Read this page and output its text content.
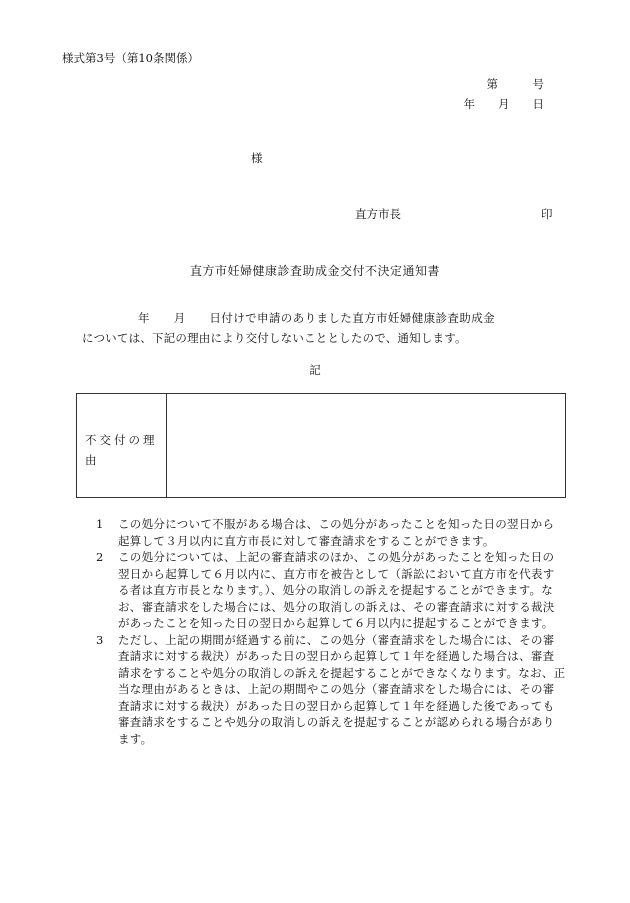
様式第3号（第10条関係）
第　　　号
年　　月　　日
様
直方市長	印
直方市妊婦健康診査助成金交付不決定通知書
年　　月　　日付けで申請のありました直方市妊婦健康診査助成金
については、下記の理由により交付しないこととしたので、通知します。
記
不交付の理由
1	この処分について不服がある場合は、この処分があったことを知った日の翌日から起算して３月以内に直方市長に対して審査請求をすることができます。
2	この処分については、上記の審査請求のほか、この処分があったことを知った日の翌日から起算して６月以内に、直方市を被告として（訴訟において直方市を代表する者は直方市長となります。）、処分の取消しの訴えを提起することができます。なお、審査請求をした場合には、処分の取消しの訴えは、その審査請求に対する裁決があったことを知った日の翌日から起算して６月以内に提起することができます。
3	ただし、上記の期間が経過する前に、この処分（審査請求をした場合には、その審査請求に対する裁決）があった日の翌日から起算して１年を経過した場合は、審査請求をすることや処分の取消しの訴えを提起することができなくなります。なお、正当な理由があるときは、上記の期間やこの処分（審査請求をした場合には、その審査請求に対する裁決）があった日の翌日から起算して１年を経過した後であっても審査請求をすることや処分の取消しの訴えを提起することが認められる場合があります。
